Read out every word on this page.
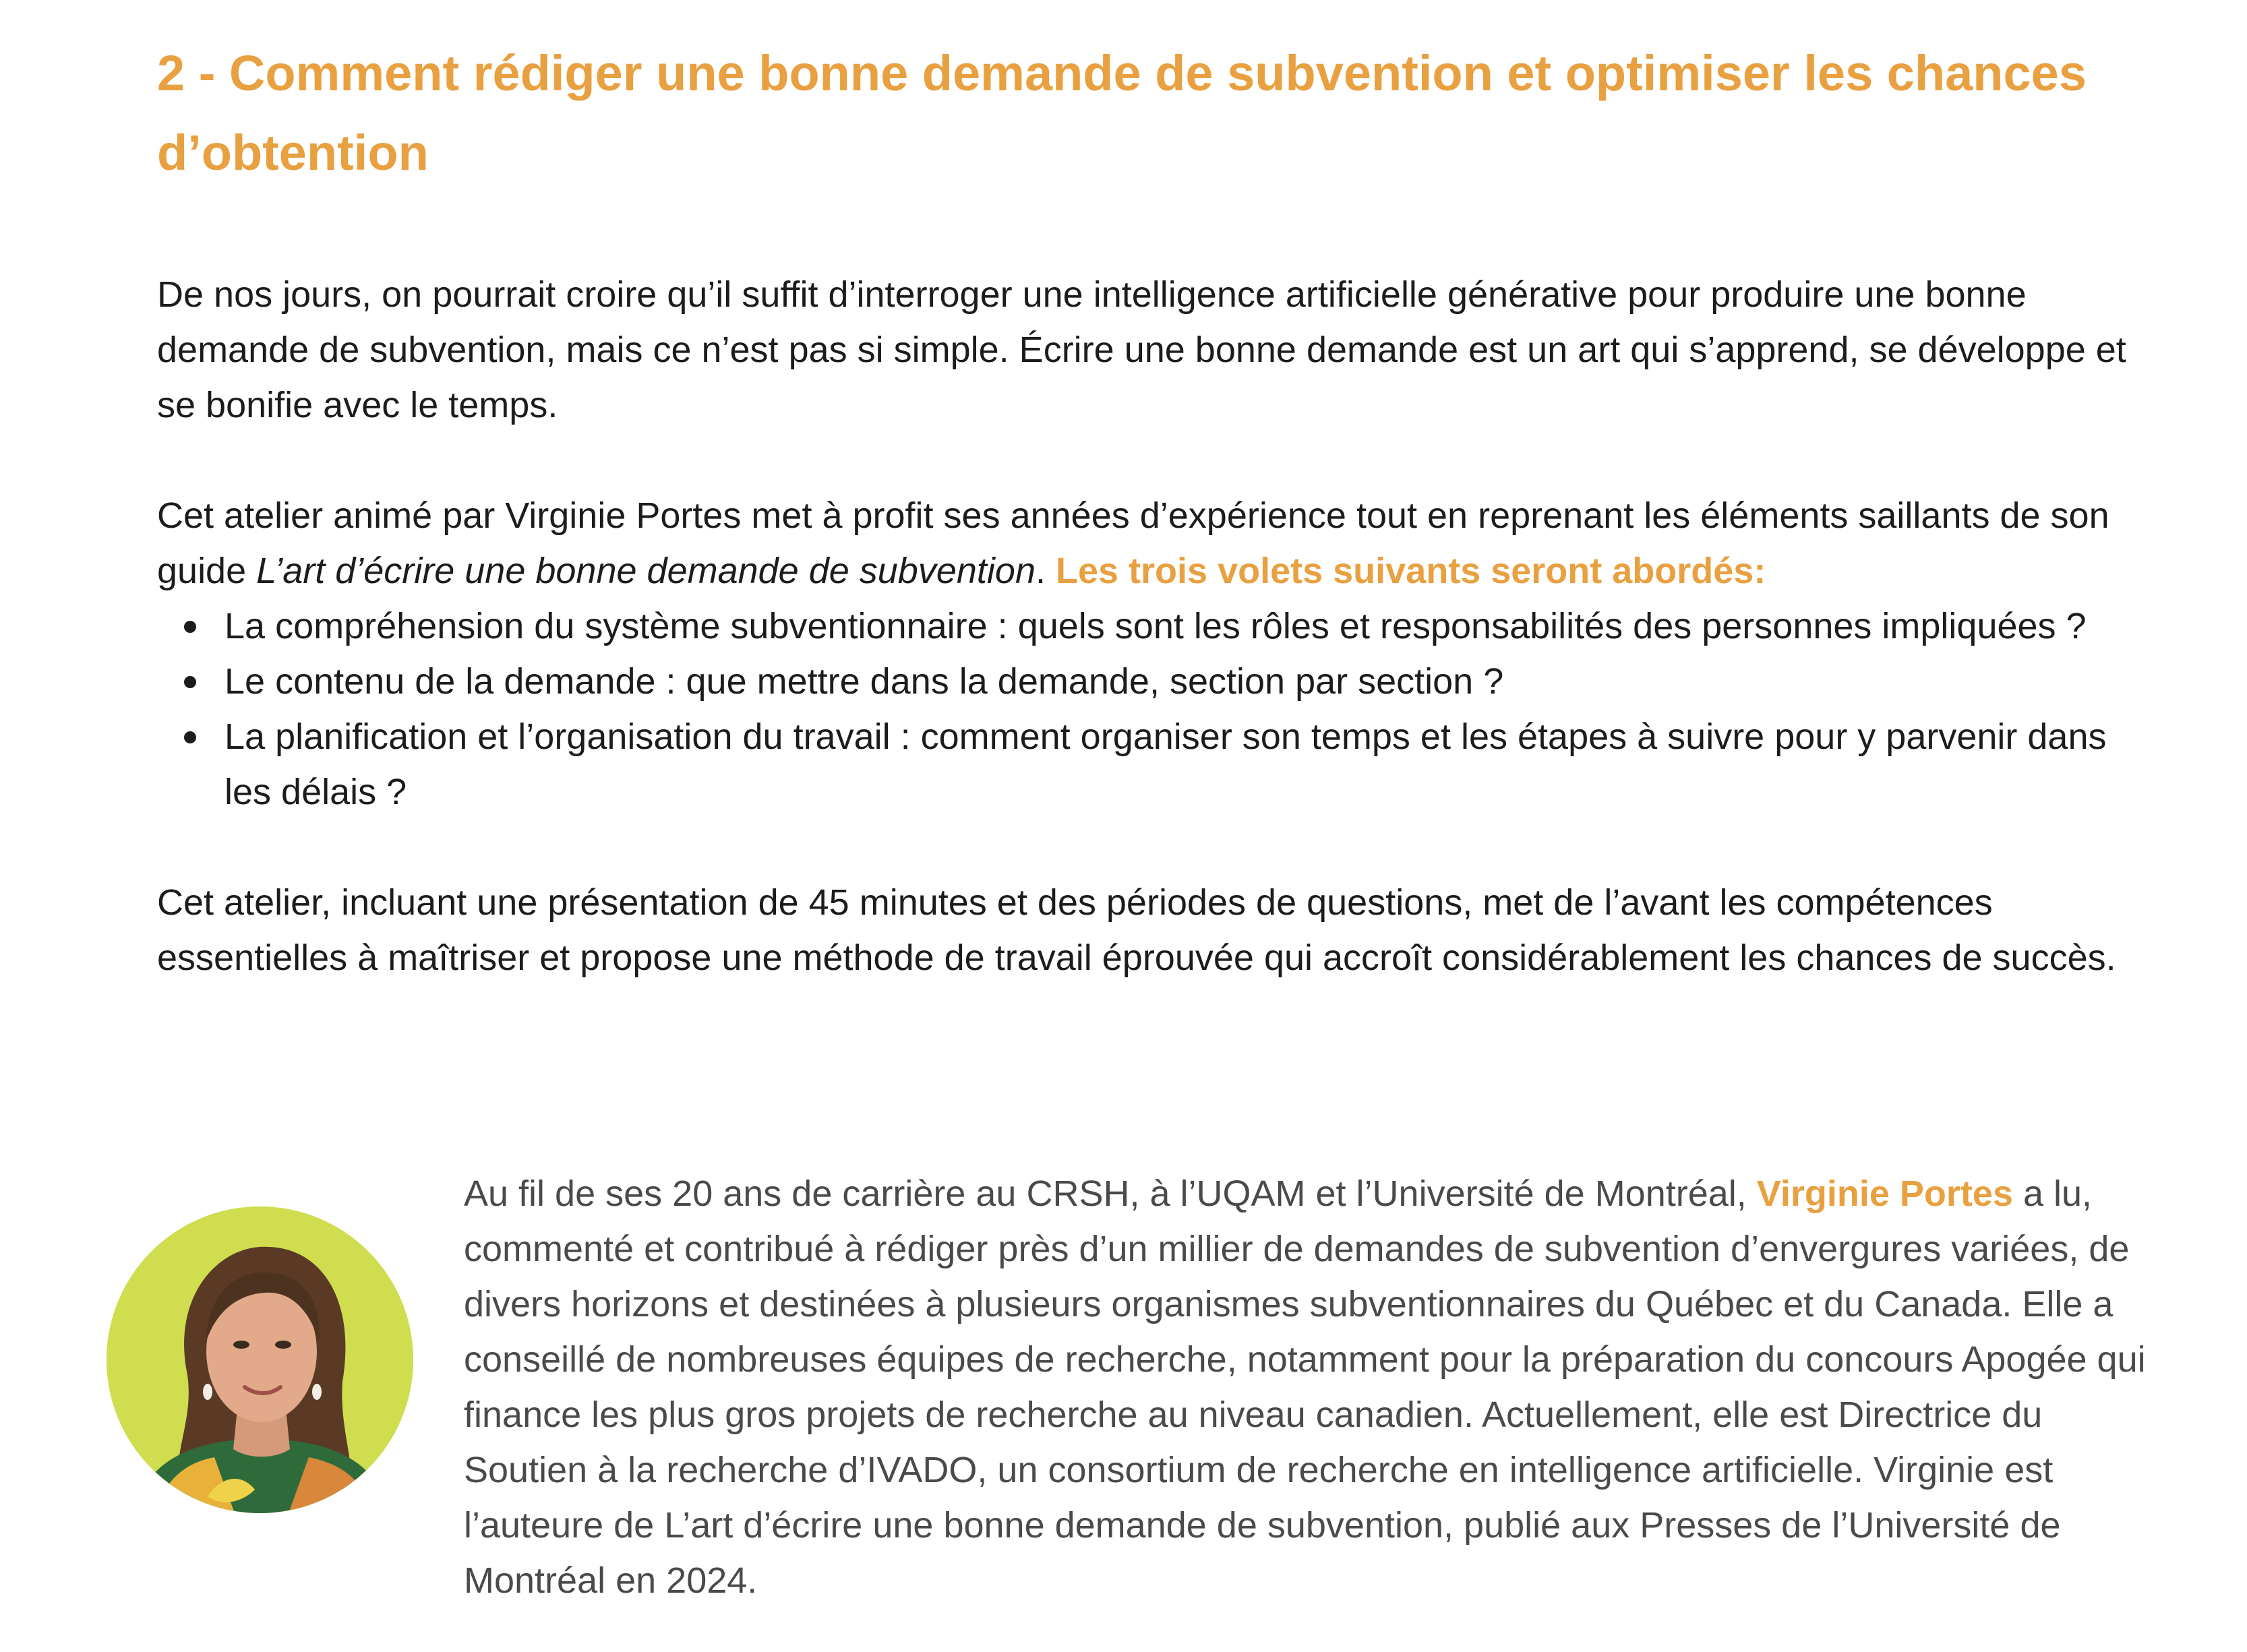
2 - Comment rédiger une bonne demande de subvention et optimiser les chances d’obtention

De nos jours, on pourrait croire qu’il suffit d’interroger une intelligence artificielle générative pour produire une bonne demande de subvention, mais ce n’est pas si simple. Écrire une bonne demande est un art qui s’apprend, se développe et se bonifie avec le temps.

Cet atelier animé par Virginie Portes met à profit ses années d’expérience tout en reprenant les éléments saillants de son guide L’art d’écrire une bonne demande de subvention. Les trois volets suivants seront abordés:

La compréhension du système subventionnaire : quels sont les rôles et responsabilités des personnes impliquées ?
Le contenu de la demande : que mettre dans la demande, section par section ?
La planification et l’organisation du travail : comment organiser son temps et les étapes à suivre pour y parvenir dans les délais ?

Cet atelier, incluant une présentation de 45 minutes et des périodes de questions, met de l’avant les compétences essentielles à maîtriser et propose une méthode de travail éprouvée qui accroît considérablement les chances de succès.

Au fil de ses 20 ans de carrière au CRSH, à l’UQAM et l’Université de Montréal, Virginie Portes a lu, commenté et contribué à rédiger près d’un millier de demandes de subvention d’envergures variées, de divers horizons et destinées à plusieurs organismes subventionnaires du Québec et du Canada. Elle a conseillé de nombreuses équipes de recherche, notamment pour la préparation du concours Apogée qui finance les plus gros projets de recherche au niveau canadien. Actuellement, elle est Directrice du Soutien à la recherche d’IVADO, un consortium de recherche en intelligence artificielle. Virginie est l’auteure de L’art d’écrire une bonne demande de subvention, publié aux Presses de l’Université de Montréal en 2024.
